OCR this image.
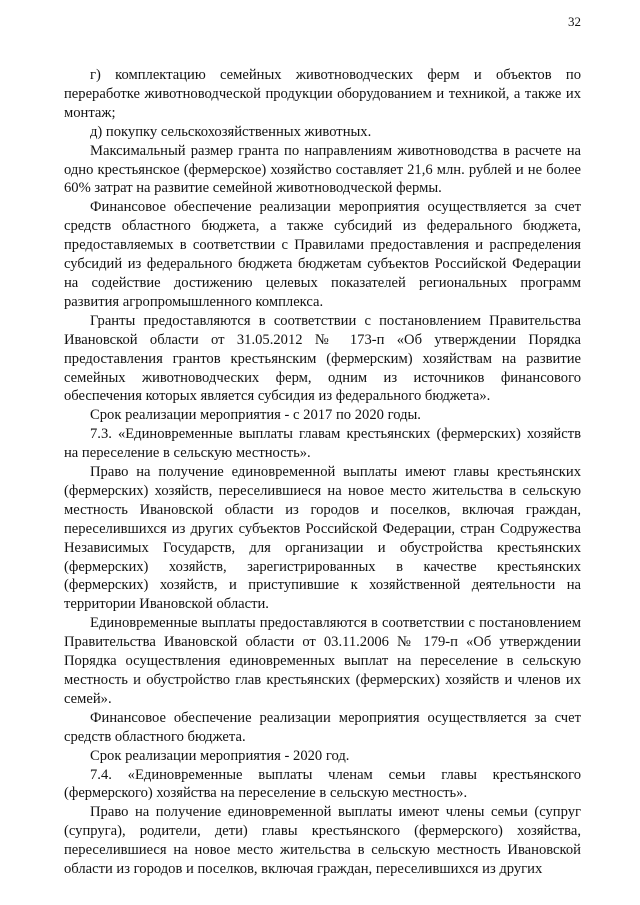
32

г) комплектацию семейных животноводческих ферм и объектов по переработке животноводческой продукции оборудованием и техникой, а также их монтаж;

д) покупку сельскохозяйственных животных.

Максимальный размер гранта по направлениям животноводства в расчете на одно крестьянское (фермерское) хозяйство составляет 21,6 млн. рублей и не более 60% затрат на развитие семейной животноводческой фермы.

Финансовое обеспечение реализации мероприятия осуществляется за счет средств областного бюджета, а также субсидий из федерального бюджета, предоставляемых в соответствии с Правилами предоставления и распределения субсидий из федерального бюджета бюджетам субъектов Российской Федерации на содействие достижению целевых показателей региональных программ развития агропромышленного комплекса.

Гранты предоставляются в соответствии с постановлением Правительства Ивановской области от 31.05.2012 № 173-п «Об утверждении Порядка предоставления грантов крестьянским (фермерским) хозяйствам на развитие семейных животноводческих ферм, одним из источников финансового обеспечения которых является субсидия из федерального бюджета».

Срок реализации мероприятия - с 2017 по 2020 годы.

7.3. «Единовременные выплаты главам крестьянских (фермерских) хозяйств на переселение в сельскую местность».

Право на получение единовременной выплаты имеют главы крестьянских (фермерских) хозяйств, переселившиеся на новое место жительства в сельскую местность Ивановской области из городов и поселков, включая граждан, переселившихся из других субъектов Российской Федерации, стран Содружества Независимых Государств, для организации и обустройства крестьянских (фермерских) хозяйств, зарегистрированных в качестве крестьянских (фермерских) хозяйств, и приступившие к хозяйственной деятельности на территории Ивановской области.

Единовременные выплаты предоставляются в соответствии с постановлением Правительства Ивановской области от 03.11.2006 № 179-п «Об утверждении Порядка осуществления единовременных выплат на переселение в сельскую местность и обустройство глав крестьянских (фермерских) хозяйств и членов их семей».

Финансовое обеспечение реализации мероприятия осуществляется за счет средств областного бюджета.

Срок реализации мероприятия - 2020 год.

7.4. «Единовременные выплаты членам семьи главы крестьянского (фермерского) хозяйства на переселение в сельскую местность».

Право на получение единовременной выплаты имеют члены семьи (супруг (супруга), родители, дети) главы крестьянского (фермерского) хозяйства, переселившиеся на новое место жительства в сельскую местность Ивановской области из городов и поселков, включая граждан, переселившихся из других
